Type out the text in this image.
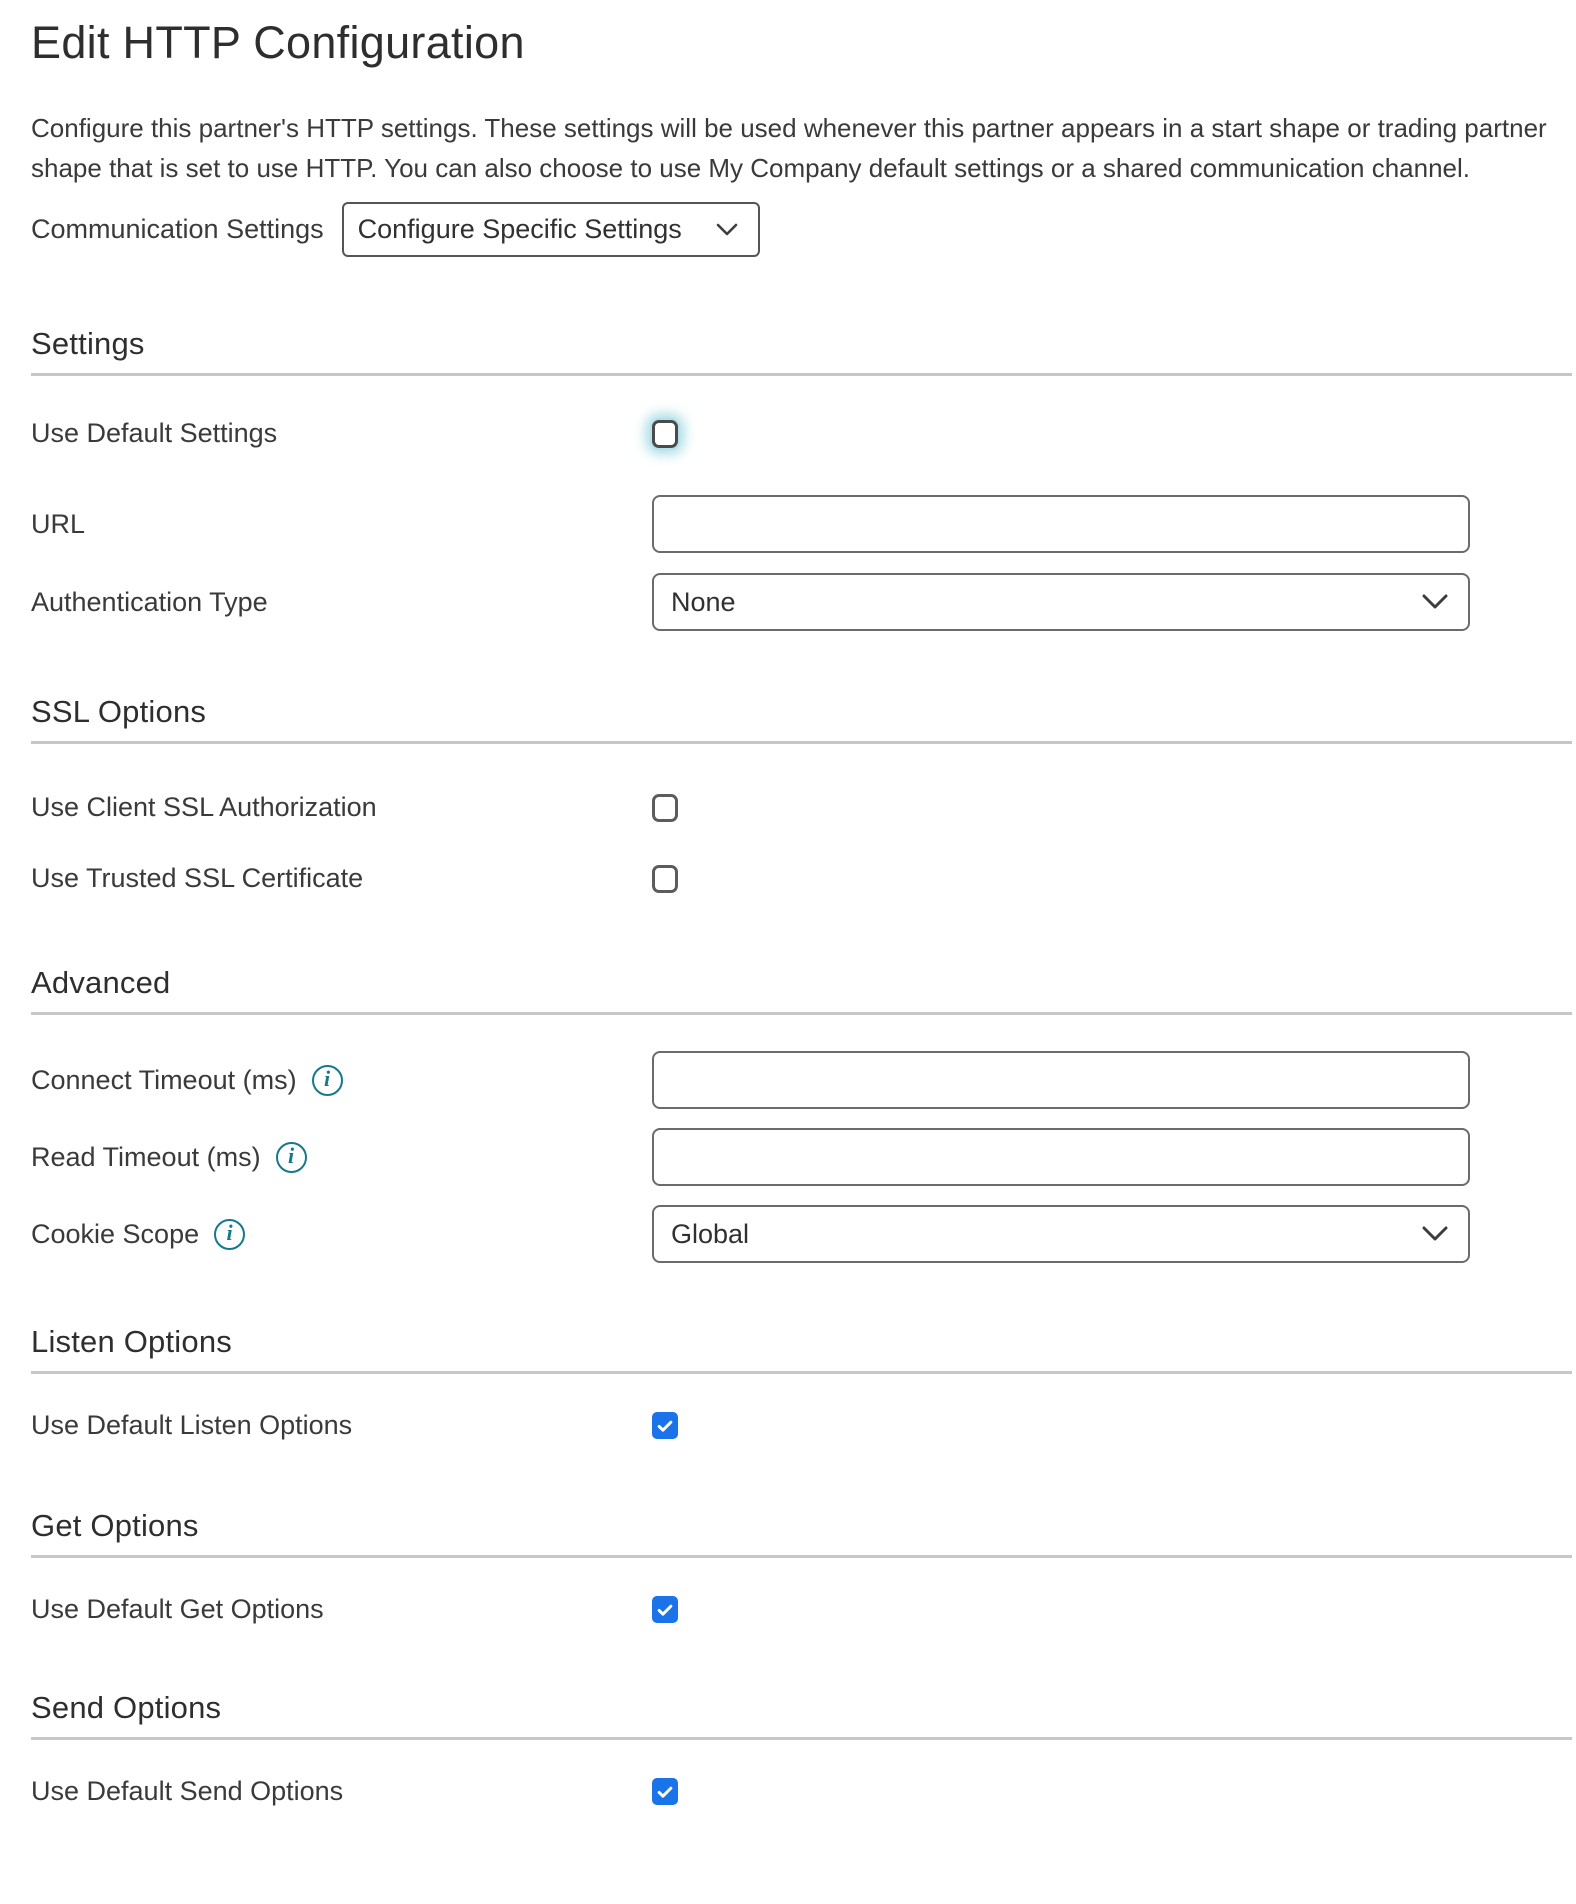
Edit HTTP Configuration

Configure this partner's HTTP settings. These settings will be used whenever this partner appears in a start shape or trading partner shape that is set to use HTTP. You can also choose to use My Company default settings or a shared communication channel.

Communication Settings Configure Specific Settings
Settings
Use Default Settings
URL
Authentication Type	None
SSL Options
Use Client SSL Authorization
Use Trusted SSL Certificate
Advanced
Connect Timeout (ms)	i
Read Timeout (ms)	i
Cookie Scope	i	Global
Listen Options
Use Default Listen Options
Get Options
Use Default Get Options
Send Options
Use Default Send Options
